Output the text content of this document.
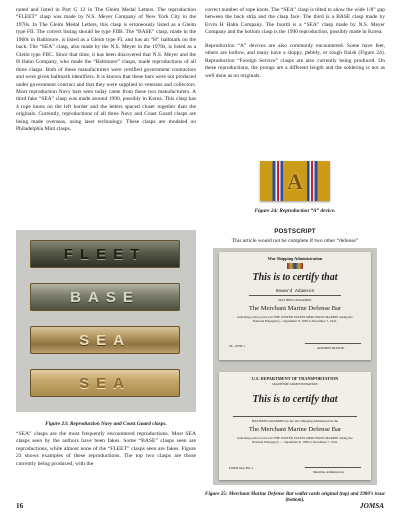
noted and listed in Part G 12 in The Gleim Medal Letters. The reproduction “FLEET” clasp was made by N.S. Meyer Company of New York City in the 1970s. In The Gleim Medal Letters, this clasp is erroneously listed as a Gleim type FII. The correct listing should be type FIIB. The “BASE” clasp, made in the 1960s in Baltimore, is listed as a Gleim type FI, and has an “H” hallmark on the back. The “SEA” clasp, also made by the N.S. Meyer in the 1970s, is listed as a Gleim type FIIC. Since that time, it has been discovered that N.S. Meyer and the H Hahn Company, who made the “Baltimore” clasps, made reproductions of all three clasps. Both of these manufacturers were certified government contractors and were given hallmark identifiers. It is known that these bars were not produced under government contract and that they were supplied to veterans and collectors. Most reproduction Navy bars seen today came from these two manufacturers. A third fake “SEA” clasp was made around 1990, possibly in Korea. This clasp has 4 rope knots on the left border and the letters spaced closer together than the originals. Currently, reproductions of all three Navy and Coast Guard clasps are being made overseas, using laser technology. These clasps are modeled on Philadelphia Mint clasps.

FLEET
BASE
SEA
SEA
Figure 23: Reproduction Navy and Coast Guard clasps.

“SEA” clasps are the most frequently encountered reproductions. Most SEA clasps seen by the authors have been fakes. Some “BASE” clasps seen are reproductions, while almost none of the “FLEET” clasps seen are fakes. Figure 23 shows examples of these reproductions. The top two clasps are those currently being produced, with the

correct number of rope knots. The “SEA” clasp is tilted to show the wide 1/8” gap between the back strip and the clasp face. The third is a BASE clasp made by Ervin H Hahn Company. The fourth is a “SEA” clasp made by N.S. Meyer Company and the bottom clasp is the 1990 reproduction, possibly made in Korea.

Reproduction “A” devices are also commonly encountered. Some have feet, others are hollow, and many have a sloppy, pebbly, or rough finish (Figure 24). Reproduction “Foreign Service” clasps are also currently being produced. On these reproductions, the prongs are a different length and the soldering is not as well done as on originals.

A
Figure 24: Reproduction “A” device.
POSTSCRIPT
This article would not be complete if two other “defense”
War Shipping Administration
This is to certify that
Howard Adamson
HAS BEEN AWARDED
The Merchant Marine Defense Bar
indicating active service in THE UNITED STATES MERCHANT MARINE during the National Emergency—September 8, 1939 to December 7, 1941.
18—6558-1	ADMINISTRATOR.
U.S. DEPARTMENT OF TRANSPORTATION
MARITIME ADMINISTRATION
This is to certify that
HAS BEEN AWARDED by the War Shipping Administration the
The Merchant Marine Defense Bar
indicating active service in THE UNITED STATES MERCHANT MARINE during the National Emergency — September 8, 1939 to December 7, 1941.
FORM MA-891-1
Maritime Administrator
Figure 25: Merchant Marine Defense Bar wallet cards original (top) and 1980’s issue (bottom).
16	JOMSA
